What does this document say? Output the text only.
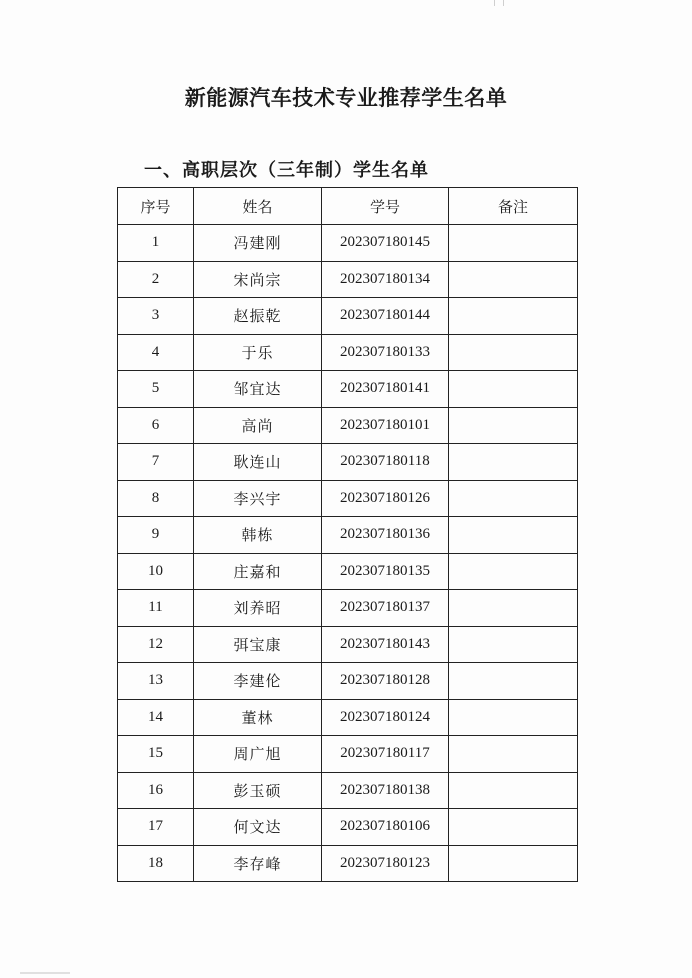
新能源汽车技术专业推荐学生名单
一、高职层次（三年制）学生名单
序号	姓名	学号	备注
1	冯建刚	202307180145	
2	宋尚宗	202307180134	
3	赵振乾	202307180144	
4	于乐	202307180133	
5	邹宜达	202307180141	
6	高尚	202307180101	
7	耿连山	202307180118	
8	李兴宇	202307180126	
9	韩栋	202307180136	
10	庄嘉和	202307180135	
11	刘养昭	202307180137	
12	弭宝康	202307180143	
13	李建伦	202307180128	
14	董林	202307180124	
15	周广旭	202307180117	
16	彭玉硕	202307180138	
17	何文达	202307180106	
18	李存峰	202307180123	
